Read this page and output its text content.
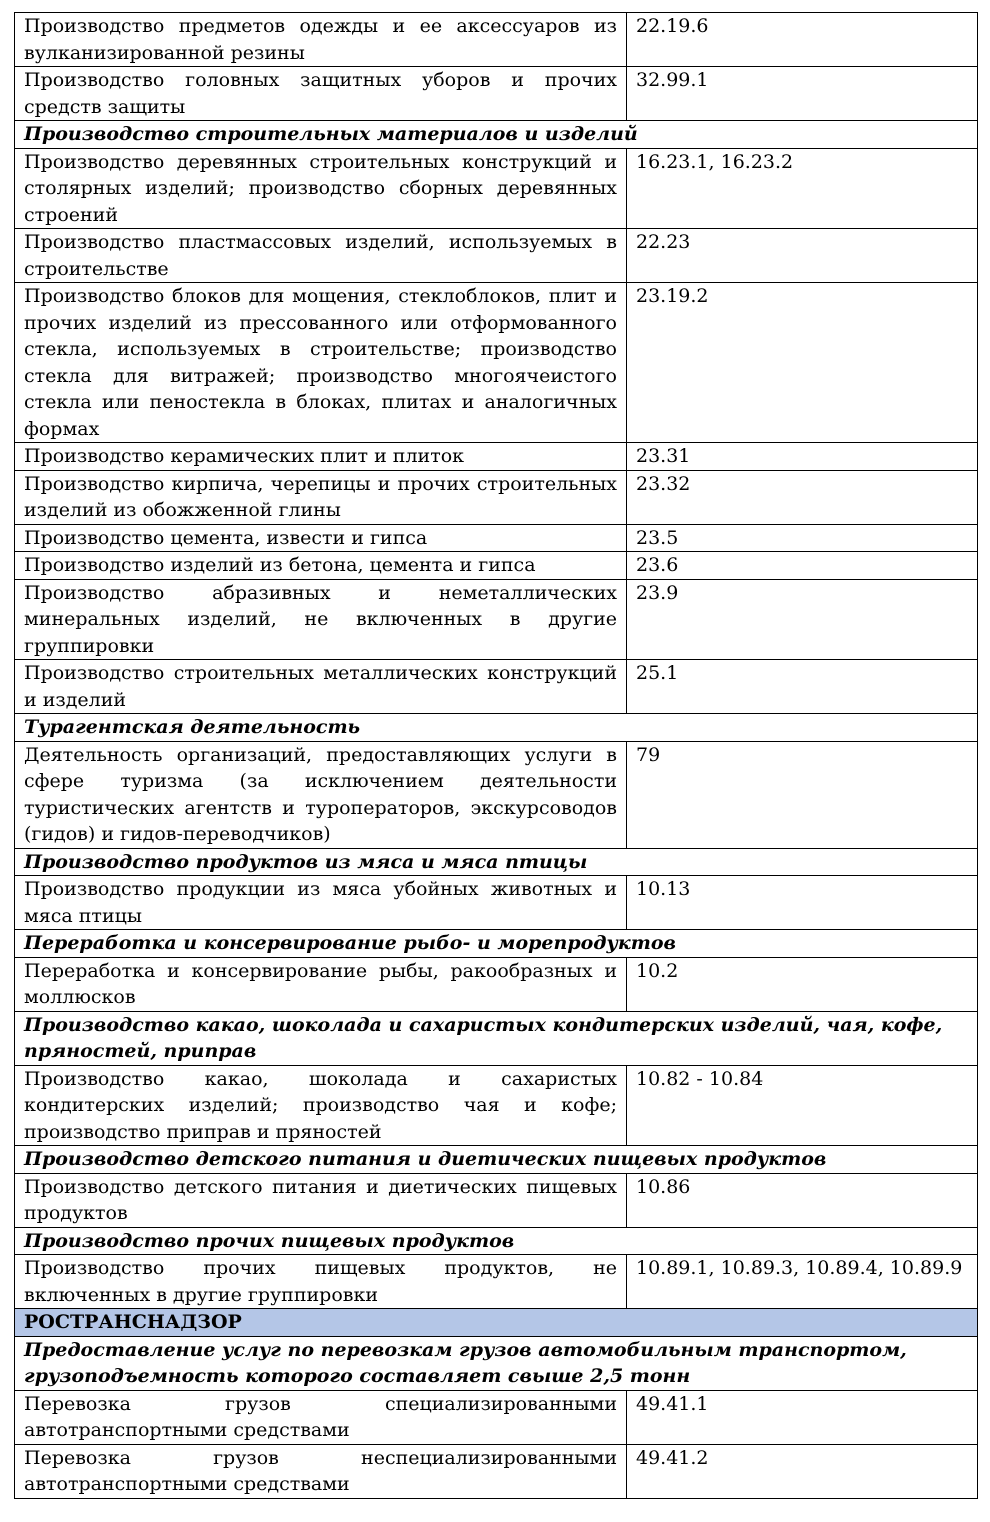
Производство предметов одежды и ее аксессуаров из вулканизированной резины	22.19.6
Производство головных защитных уборов и прочих средств защиты	32.99.1
Производство строительных материалов и изделий	
Производство деревянных строительных конструкций и столярных изделий; производство сборных деревянных строений	16.23.1, 16.23.2
Производство пластмассовых изделий, используемых в строительстве	22.23
Производство блоков для мощения, стеклоблоков, плит и прочих изделий из прессованного или отформованного стекла, используемых в строительстве; производство стекла для витражей; производство многоячеистого стекла или пеностекла в блоках, плитах и аналогичных формах	23.19.2
Производство керамических плит и плиток	23.31
Производство кирпича, черепицы и прочих строительных изделий из обожженной глины	23.32
Производство цемента, извести и гипса	23.5
Производство изделий из бетона, цемента и гипса	23.6
Производство абразивных и неметаллических минеральных изделий, не включенных в другие группировки	23.9
Производство строительных металлических конструкций и изделий	25.1
Турагентская деятельность	
Деятельность организаций, предоставляющих услуги в сфере туризма (за исключением деятельности туристических агентств и туроператоров, экскурсоводов (гидов) и гидов-переводчиков)	79
Производство продуктов из мяса и мяса птицы	
Производство продукции из мяса убойных животных и мяса птицы	10.13
Переработка и консервирование рыбо- и морепродуктов	
Переработка и консервирование рыбы, ракообразных и моллюсков	10.2
Производство какао, шоколада и сахаристых кондитерских изделий, чая, кофе, пряностей, приправ	
Производство какао, шоколада и сахаристых кондитерских изделий; производство чая и кофе; производство приправ и пряностей	10.82 - 10.84
Производство детского питания и диетических пищевых продуктов	
Производство детского питания и диетических пищевых продуктов	10.86
Производство прочих пищевых продуктов	
Производство прочих пищевых продуктов, не включенных в другие группировки	10.89.1, 10.89.3, 10.89.4, 10.89.9
РОСТРАНСНАДЗОР	
Предоставление услуг по перевозкам грузов автомобильным транспортом, грузоподъемность которого составляет свыше 2,5 тонн	
Перевозка грузов специализированными автотранспортными средствами	49.41.1
Перевозка грузов неспециализированными автотранспортными средствами	49.41.2
